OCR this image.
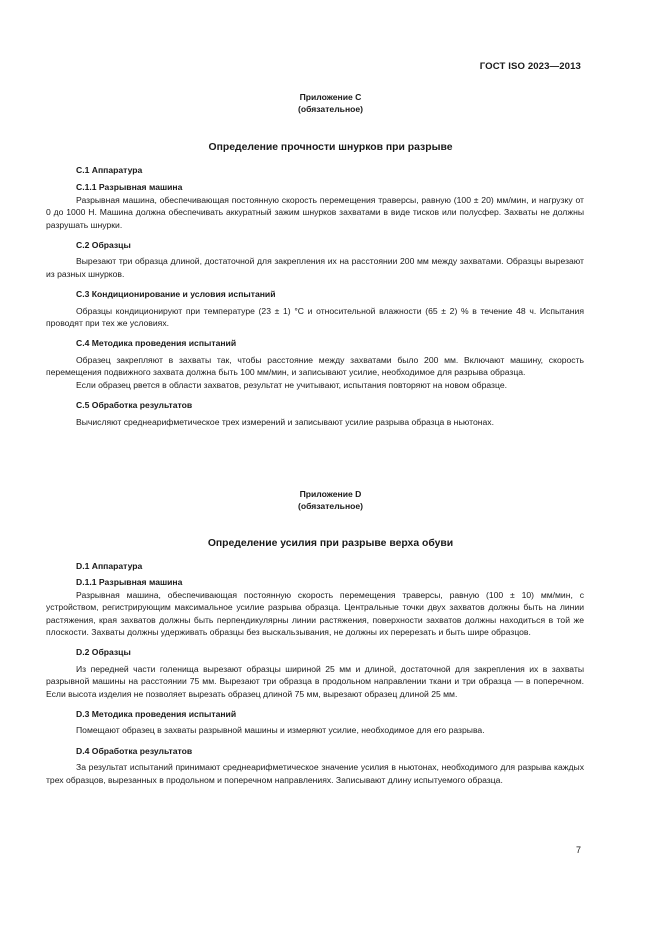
ГОСТ ISO 2023—2013
Приложение С
(обязательное)
Определение прочности шнурков при разрыве

С.1 Аппаратура

С.1.1 Разрывная машина

Разрывная машина, обеспечивающая постоянную скорость перемещения траверсы, равную (100 ± 20) мм/мин, и нагрузку от 0 до 1000 Н. Машина должна обеспечивать аккуратный зажим шнурков захватами в виде тисков или полусфер. Захваты не должны разрушать шнурки.

С.2 Образцы

Вырезают три образца длиной, достаточной для закрепления их на расстоянии 200 мм между захватами. Образцы вырезают из разных шнурков.

С.3 Кондиционирование и условия испытаний

Образцы кондиционируют при температуре (23 ± 1) °С и относительной влажности (65 ± 2) % в течение 48 ч. Испытания проводят при тех же условиях.

С.4 Методика проведения испытаний

Образец закрепляют в захваты так, чтобы расстояние между захватами было 200 мм. Включают машину, скорость перемещения подвижного захвата должна быть 100 мм/мин, и записывают усилие, необходимое для разрыва образца.

Если образец рвется в области захватов, результат не учитывают, испытания повторяют на новом образце.

С.5 Обработка результатов

Вычисляют среднеарифметическое трех измерений и записывают усилие разрыва образца в ньютонах.

Приложение D
(обязательное)
Определение усилия при разрыве верха обуви

D.1 Аппаратура

D.1.1 Разрывная машина

Разрывная машина, обеспечивающая постоянную скорость перемещения траверсы, равную (100 ± 10) мм/мин, с устройством, регистрирующим максимальное усилие разрыва образца. Центральные точки двух захватов должны быть на линии растяжения, края захватов должны быть перпендикулярны линии растяжения, поверхности захватов должны находиться в той же плоскости. Захваты должны удерживать образцы без выскальзывания, не должны их перерезать и быть шире образцов.

D.2 Образцы

Из передней части голенища вырезают образцы шириной 25 мм и длиной, достаточной для закрепления их в захваты разрывной машины на расстоянии 75 мм. Вырезают три образца в продольном направлении ткани и три образца — в поперечном. Если высота изделия не позволяет вырезать образец длиной 75 мм, вырезают образец длиной 25 мм.

D.3 Методика проведения испытаний

Помещают образец в захваты разрывной машины и измеряют усилие, необходимое для его разрыва.

D.4 Обработка результатов

За результат испытаний принимают среднеарифметическое значение усилия в ньютонах, необходимого для разрыва каждых трех образцов, вырезанных в продольном и поперечном направлениях. Записывают длину испытуемого образца.

7
